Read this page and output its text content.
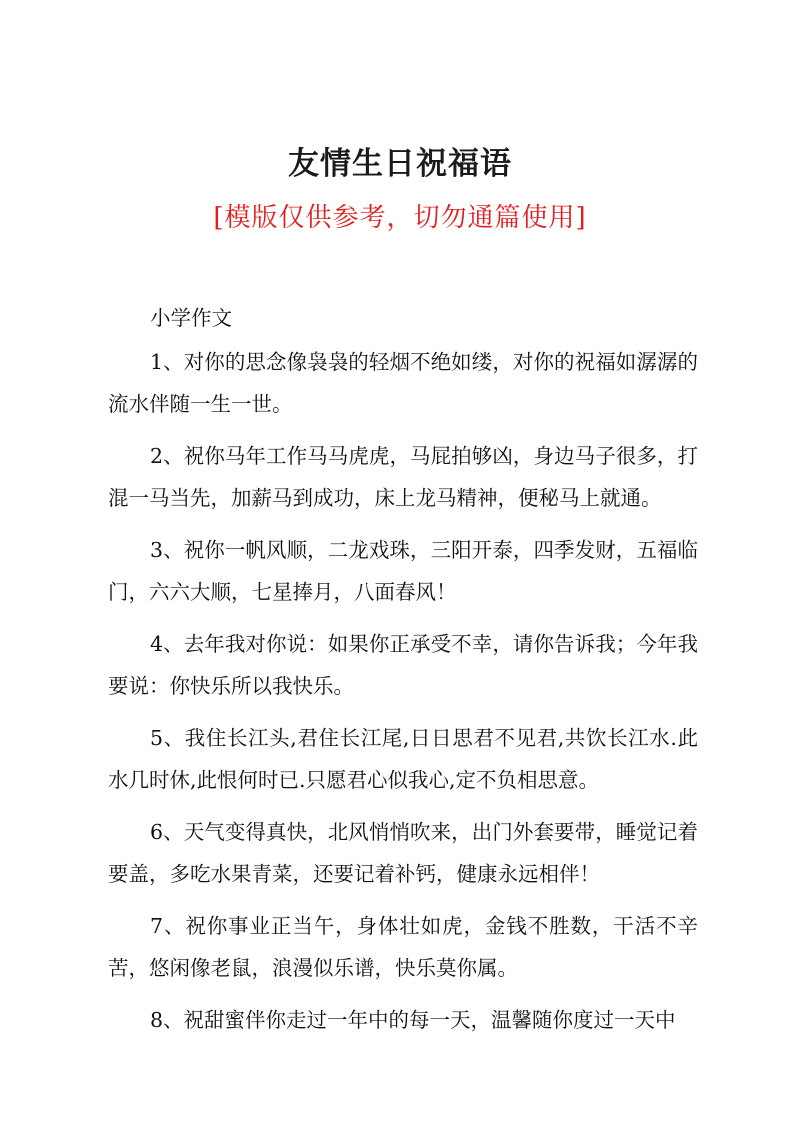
友情生日祝福语
[模版仅供参考，切勿通篇使用]
小学作文

1、对你的思念像袅袅的轻烟不绝如缕，对你的祝福如潺潺的流水伴随一生一世。

2、祝你马年工作马马虎虎，马屁拍够凶，身边马子很多，打混一马当先，加薪马到成功，床上龙马精神，便秘马上就通。

3、祝你一帆风顺，二龙戏珠，三阳开泰，四季发财，五福临门，六六大顺，七星捧月，八面春风！

4、去年我对你说：如果你正承受不幸，请你告诉我；今年我要说：你快乐所以我快乐。

5、我住长江头,君住长江尾,日日思君不见君,共饮长江水.此水几时休,此恨何时已.只愿君心似我心,定不负相思意。

6、天气变得真快，北风悄悄吹来，出门外套要带，睡觉记着要盖，多吃水果青菜，还要记着补钙，健康永远相伴！

7、祝你事业正当午，身体壮如虎，金钱不胜数，干活不辛苦，悠闲像老鼠，浪漫似乐谱，快乐莫你属。

8、祝甜蜜伴你走过一年中的每一天，温馨随你度过一天中
